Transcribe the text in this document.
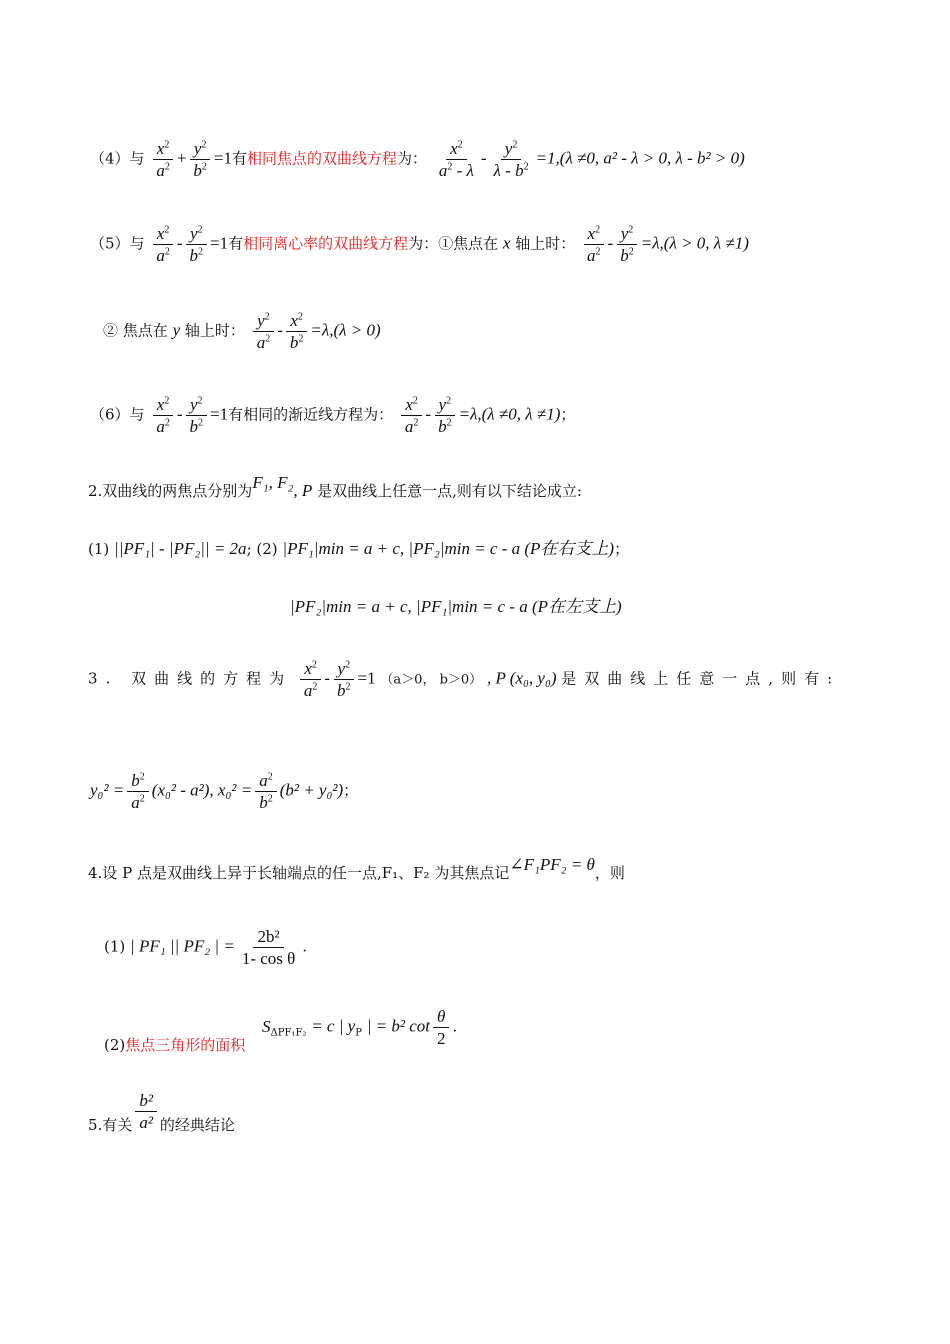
（4）与 $\frac{x^2}{a^2} + \frac{y^2}{b^2} =1$有相同焦点的双曲线方程为： $\frac{x^2}{a^2 - \lambda} - \frac{y^2}{\lambda - b^2} =1,(\lambda \ne 0$, a² - λ > 0, λ - b² > 0)
（5）与 $\frac{x^2}{a^2} - \frac{y^2}{b^2} =1$有相同离心率的双曲线方程为：①焦点在 x 轴上时： $\frac{x^2}{a^2} - \frac{y^2}{b^2} =\lambda,(\lambda > 0$, λ ≠1)
② 焦点在 y 轴上时： $\frac{y^2}{a^2} - \frac{x^2}{b^2} =\lambda,(\lambda > 0)$
（6）与 $\frac{x^2}{a^2} - \frac{y^2}{b^2} =1$有相同的渐近线方程为： $\frac{x^2}{a^2} - \frac{y^2}{b^2} =\lambda,(\lambda \ne 0$, λ ≠1)；
2.双曲线的两焦点分别为F₁, F₂, P 是双曲线上任意一点,则有以下结论成立:
(1) ||PF₁| - |PF₂|| = 2a; (2) |PF₁|min = a + c, |PF₂|min = c - a (P在右支上)；
|PF₂|min = a + c, |PF₁|min = c - a (P在左支上)
3. 双曲线的方程为 $\frac{x^2}{a^2} - \frac{y^2}{b^2} =1$ （a＞0， b＞0） , P (x₀, y₀) 是双曲线上任意一点,则有:
$y_0^2 = \frac{b^2}{a^2} (x_0^2 - a^2)$, $x_0^2 = \frac{a^2}{b^2} (b^2 + y_0^2)$；
4.设 P 点是双曲线上异于长轴端点的任一点,F₁、F₂ 为其焦点记∠F₁PF₂ = θ，则
(1) | PF₁ || PF₂ | = $\frac{\text{2b²}}{\text{1- cos θ}}$ .
(2)焦点三角形的面积 $S_{\Delta PF_1F_2} = c$ | $y_P$ | = b² $\cot \frac{\theta}{2}$ .
5.有关 $\frac{\text{b²}}{\text{a²}}$ 的经典结论
